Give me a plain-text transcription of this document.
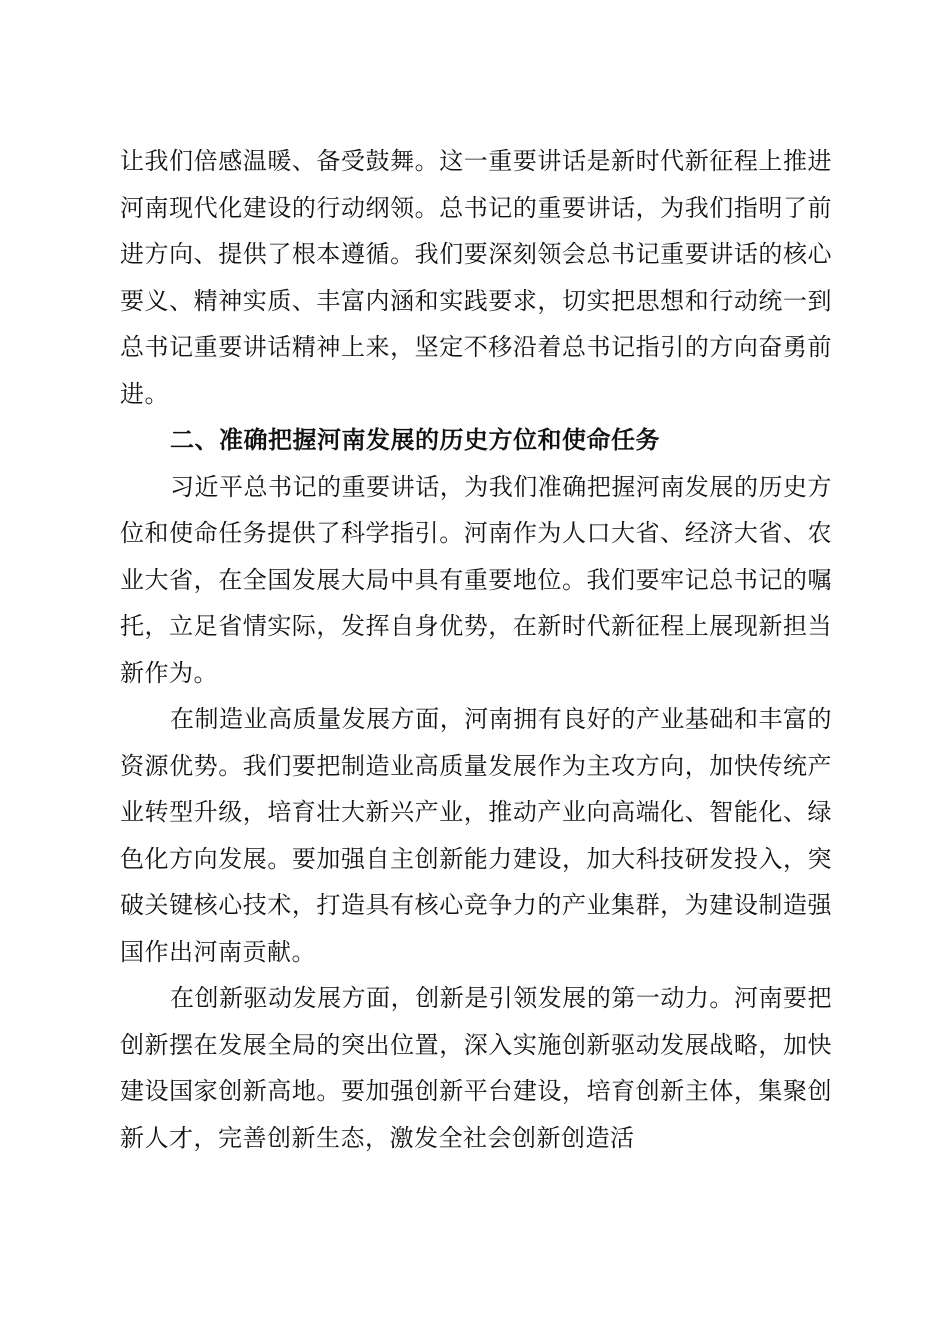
让我们倍感温暖、备受鼓舞。这一重要讲话是新时代新征程上推进河南现代化建设的行动纲领。总书记的重要讲话，为我们指明了前进方向、提供了根本遵循。我们要深刻领会总书记重要讲话的核心要义、精神实质、丰富内涵和实践要求，切实把思想和行动统一到总书记重要讲话精神上来，坚定不移沿着总书记指引的方向奋勇前进。

二、准确把握河南发展的历史方位和使命任务

习近平总书记的重要讲话，为我们准确把握河南发展的历史方位和使命任务提供了科学指引。河南作为人口大省、经济大省、农业大省，在全国发展大局中具有重要地位。我们要牢记总书记的嘱托，立足省情实际，发挥自身优势，在新时代新征程上展现新担当新作为。

在制造业高质量发展方面，河南拥有良好的产业基础和丰富的资源优势。我们要把制造业高质量发展作为主攻方向，加快传统产业转型升级，培育壮大新兴产业，推动产业向高端化、智能化、绿色化方向发展。要加强自主创新能力建设，加大科技研发投入，突破关键核心技术，打造具有核心竞争力的产业集群，为建设制造强国作出河南贡献。

在创新驱动发展方面，创新是引领发展的第一动力。河南要把创新摆在发展全局的突出位置，深入实施创新驱动发展战略，加快建设国家创新高地。要加强创新平台建设，培育创新主体，集聚创新人才，完善创新生态，激发全社会创新创造活
